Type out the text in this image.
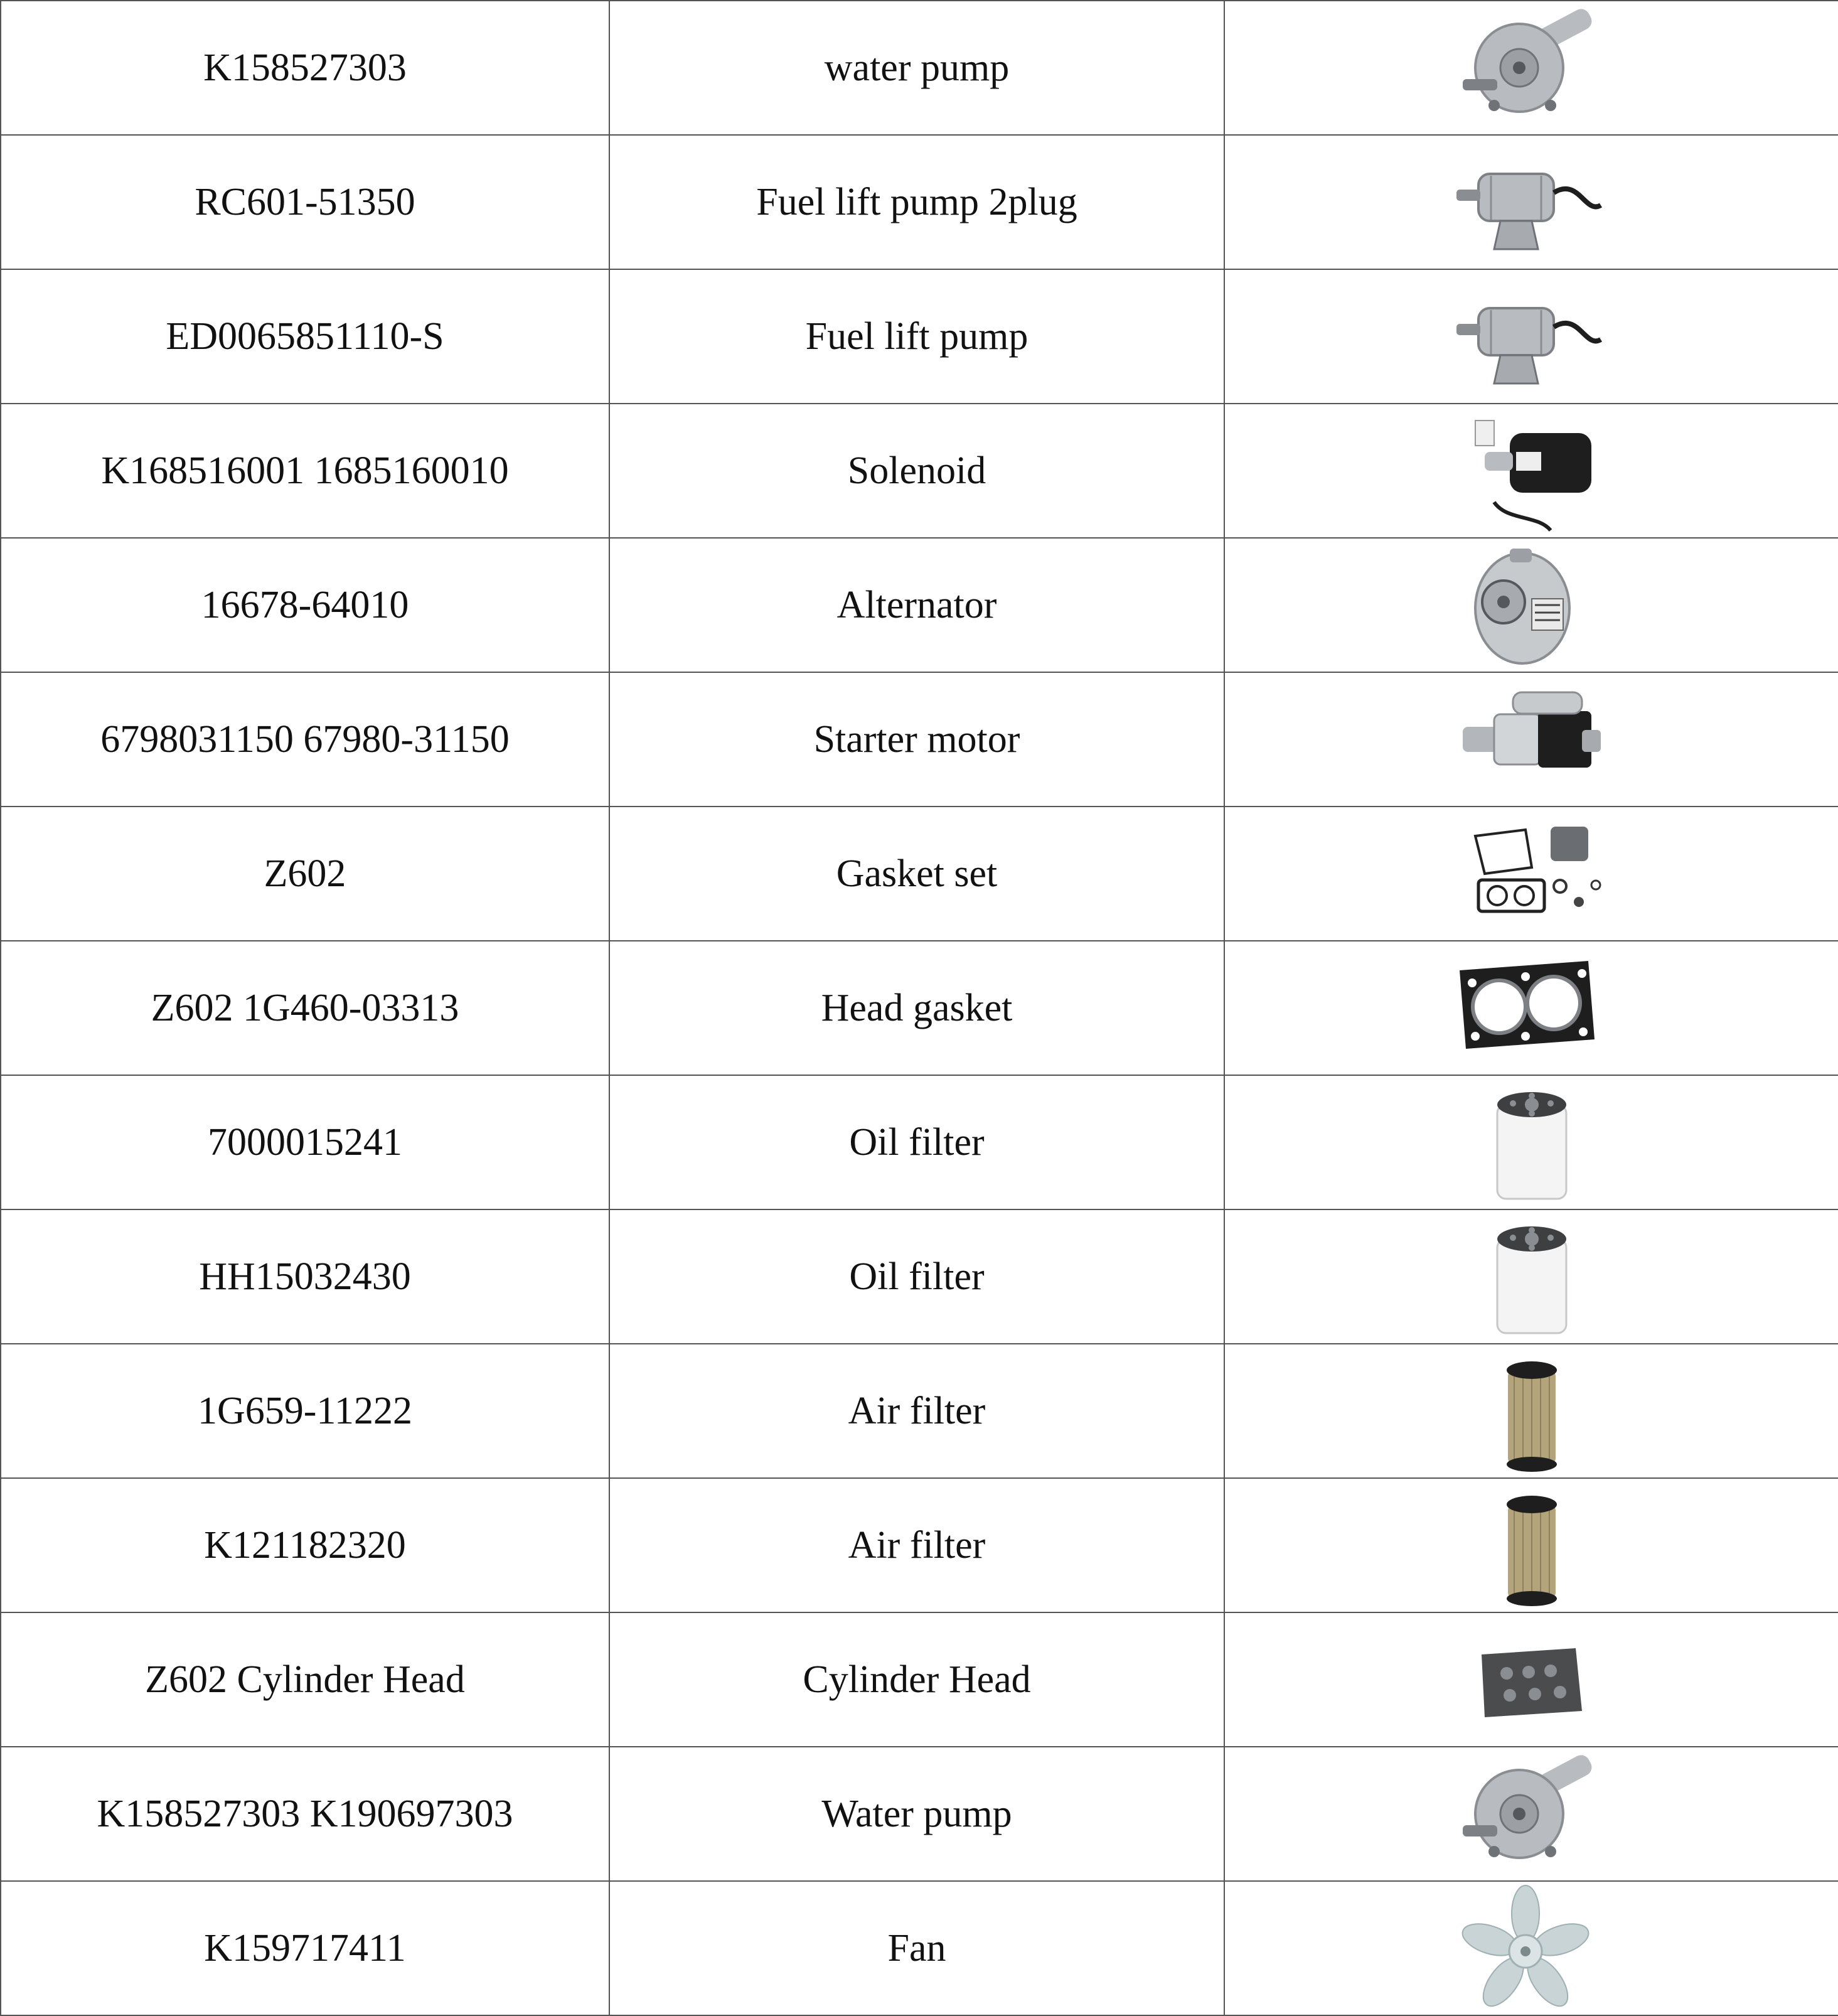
K158527303	water pump	

RC601-51350	Fuel lift pump 2plug	

ED0065851110-S	Fuel lift pump	

K168516001 1685160010	Solenoid	

16678-64010	Alternator	

6798031150 67980-31150	Starter motor	

Z602	Gasket set	

Z602 1G460-03313	Head gasket	

7000015241	Oil filter	

HH15032430	Oil filter	

1G659-11222	Air filter	

K121182320	Air filter	

Z602 Cylinder Head	Cylinder Head	

K158527303 K190697303	Water pump	

K159717411	Fan	
